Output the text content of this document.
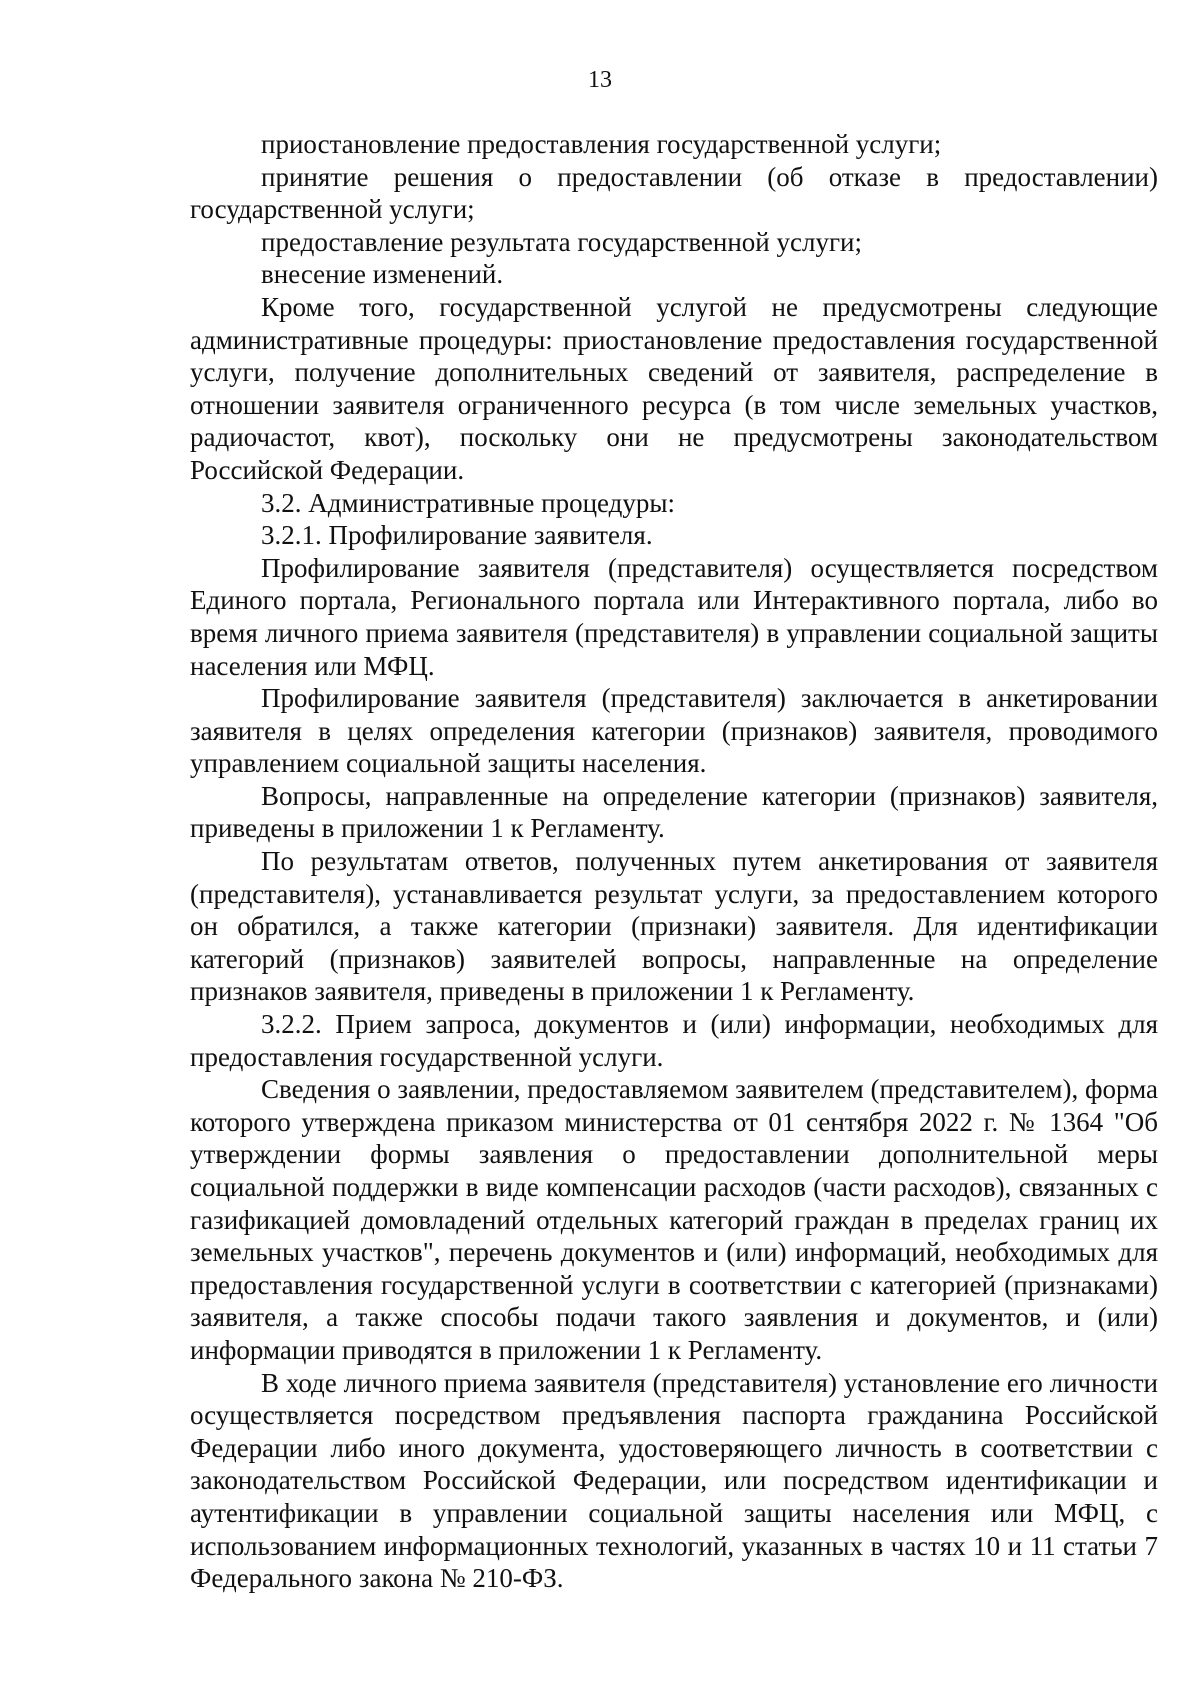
13

приостановление предоставления государственной услуги;

принятие решения о предоставлении (об отказе в предоставлении) государственной услуги;

предоставление результата государственной услуги;

внесение изменений.

Кроме того, государственной услугой не предусмотрены следующие административные процедуры: приостановление предоставления государственной услуги, получение дополнительных сведений от заявителя, распределение в отношении заявителя ограниченного ресурса (в том числе земельных участков, радиочастот, квот), поскольку они не предусмотрены законодательством Российской Федерации.

3.2. Административные процедуры:

3.2.1. Профилирование заявителя.

Профилирование заявителя (представителя) осуществляется посредством Единого портала, Регионального портала или Интерактивного портала, либо во время личного приема заявителя (представителя) в управлении социальной защиты населения или МФЦ.

Профилирование заявителя (представителя) заключается в анкетировании заявителя в целях определения категории (признаков) заявителя, проводимого управлением социальной защиты населения.

Вопросы, направленные на определение категории (признаков) заявителя, приведены в приложении 1 к Регламенту.

По результатам ответов, полученных путем анкетирования от заявителя (представителя), устанавливается результат услуги, за предоставлением которого он обратился, а также категории (признаки) заявителя. Для идентификации категорий (признаков) заявителей вопросы, направленные на определение признаков заявителя, приведены в приложении 1 к Регламенту.

3.2.2. Прием запроса, документов и (или) информации, необходимых для предоставления государственной услуги.

Сведения о заявлении, предоставляемом заявителем (представителем), форма которого утверждена приказом министерства от 01 сентября 2022 г. № 1364 "Об утверждении формы заявления о предоставлении дополнительной меры социальной поддержки в виде компенсации расходов (части расходов), связанных с газификацией домовладений отдельных категорий граждан в пределах границ их земельных участков", перечень документов и (или) информаций, необходимых для предоставления государственной услуги в соответствии с категорией (признаками) заявителя, а также способы подачи такого заявления и документов, и (или) информации приводятся в приложении 1 к Регламенту.

В ходе личного приема заявителя (представителя) установление его личности осуществляется посредством предъявления паспорта гражданина Российской Федерации либо иного документа, удостоверяющего личность в соответствии с законодательством Российской Федерации, или посредством идентификации и аутентификации в управлении социальной защиты населения или МФЦ, с использованием информационных технологий, указанных в частях 10 и 11 статьи 7 Федерального закона № 210-ФЗ.
